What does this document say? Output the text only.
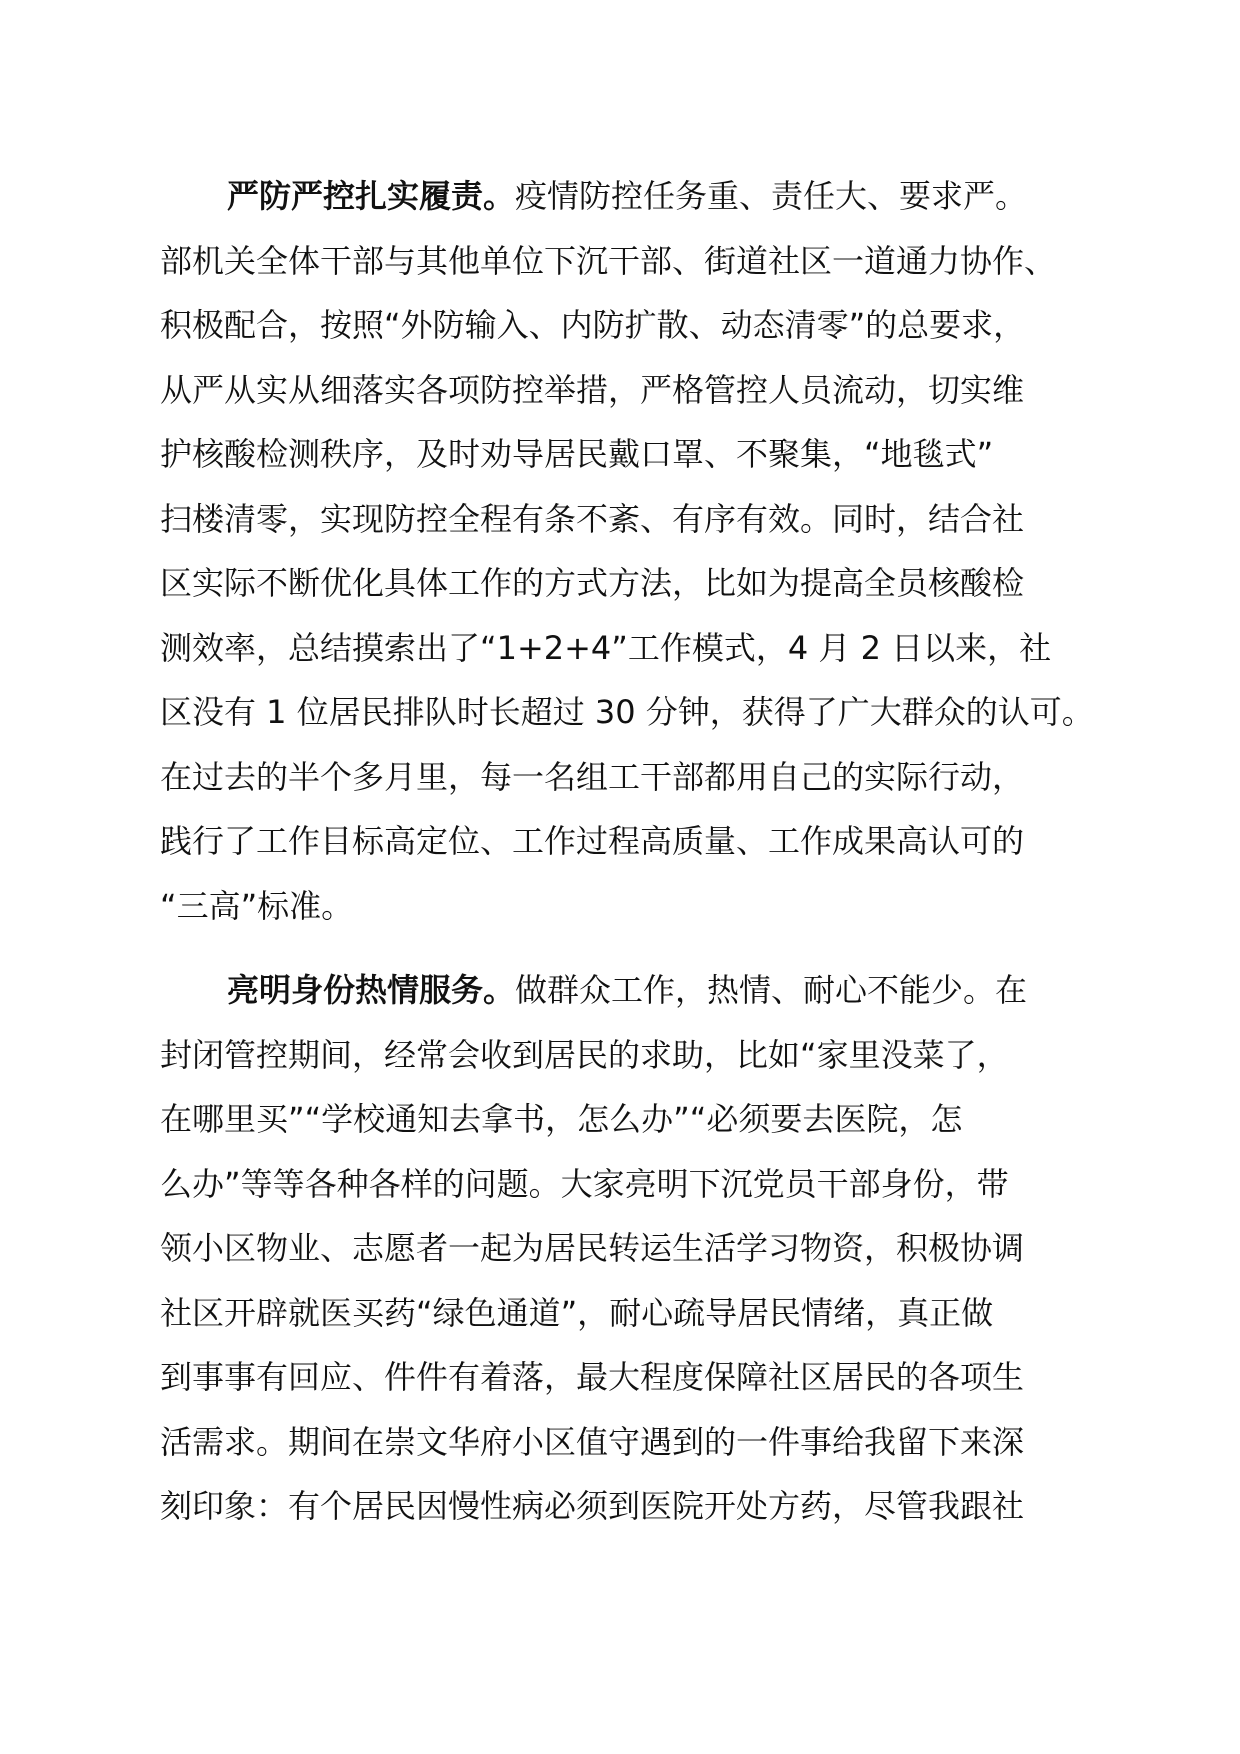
严防严控扎实履责。疫情防控任务重、责任大、要求严。
部机关全体干部与其他单位下沉干部、街道社区一道通力协作、
积极配合，按照“外防输入、内防扩散、动态清零”的总要求，
从严从实从细落实各项防控举措，严格管控人员流动，切实维
护核酸检测秩序，及时劝导居民戴口罩、不聚集，“地毯式”
扫楼清零，实现防控全程有条不紊、有序有效。同时，结合社
区实际不断优化具体工作的方式方法，比如为提高全员核酸检
测效率，总结摸索出了“1+2+4”工作模式，4 月 2 日以来，社
区没有 1 位居民排队时长超过 30 分钟，获得了广大群众的认可。
在过去的半个多月里，每一名组工干部都用自己的实际行动，
践行了工作目标高定位、工作过程高质量、工作成果高认可的
“三高”标准。
亮明身份热情服务。做群众工作，热情、耐心不能少。在
封闭管控期间，经常会收到居民的求助，比如“家里没菜了，
在哪里买”“学校通知去拿书，怎么办”“必须要去医院，怎
么办”等等各种各样的问题。大家亮明下沉党员干部身份，带
领小区物业、志愿者一起为居民转运生活学习物资，积极协调
社区开辟就医买药“绿色通道”，耐心疏导居民情绪，真正做
到事事有回应、件件有着落，最大程度保障社区居民的各项生
活需求。期间在崇文华府小区值守遇到的一件事给我留下来深
刻印象：有个居民因慢性病必须到医院开处方药，尽管我跟社
